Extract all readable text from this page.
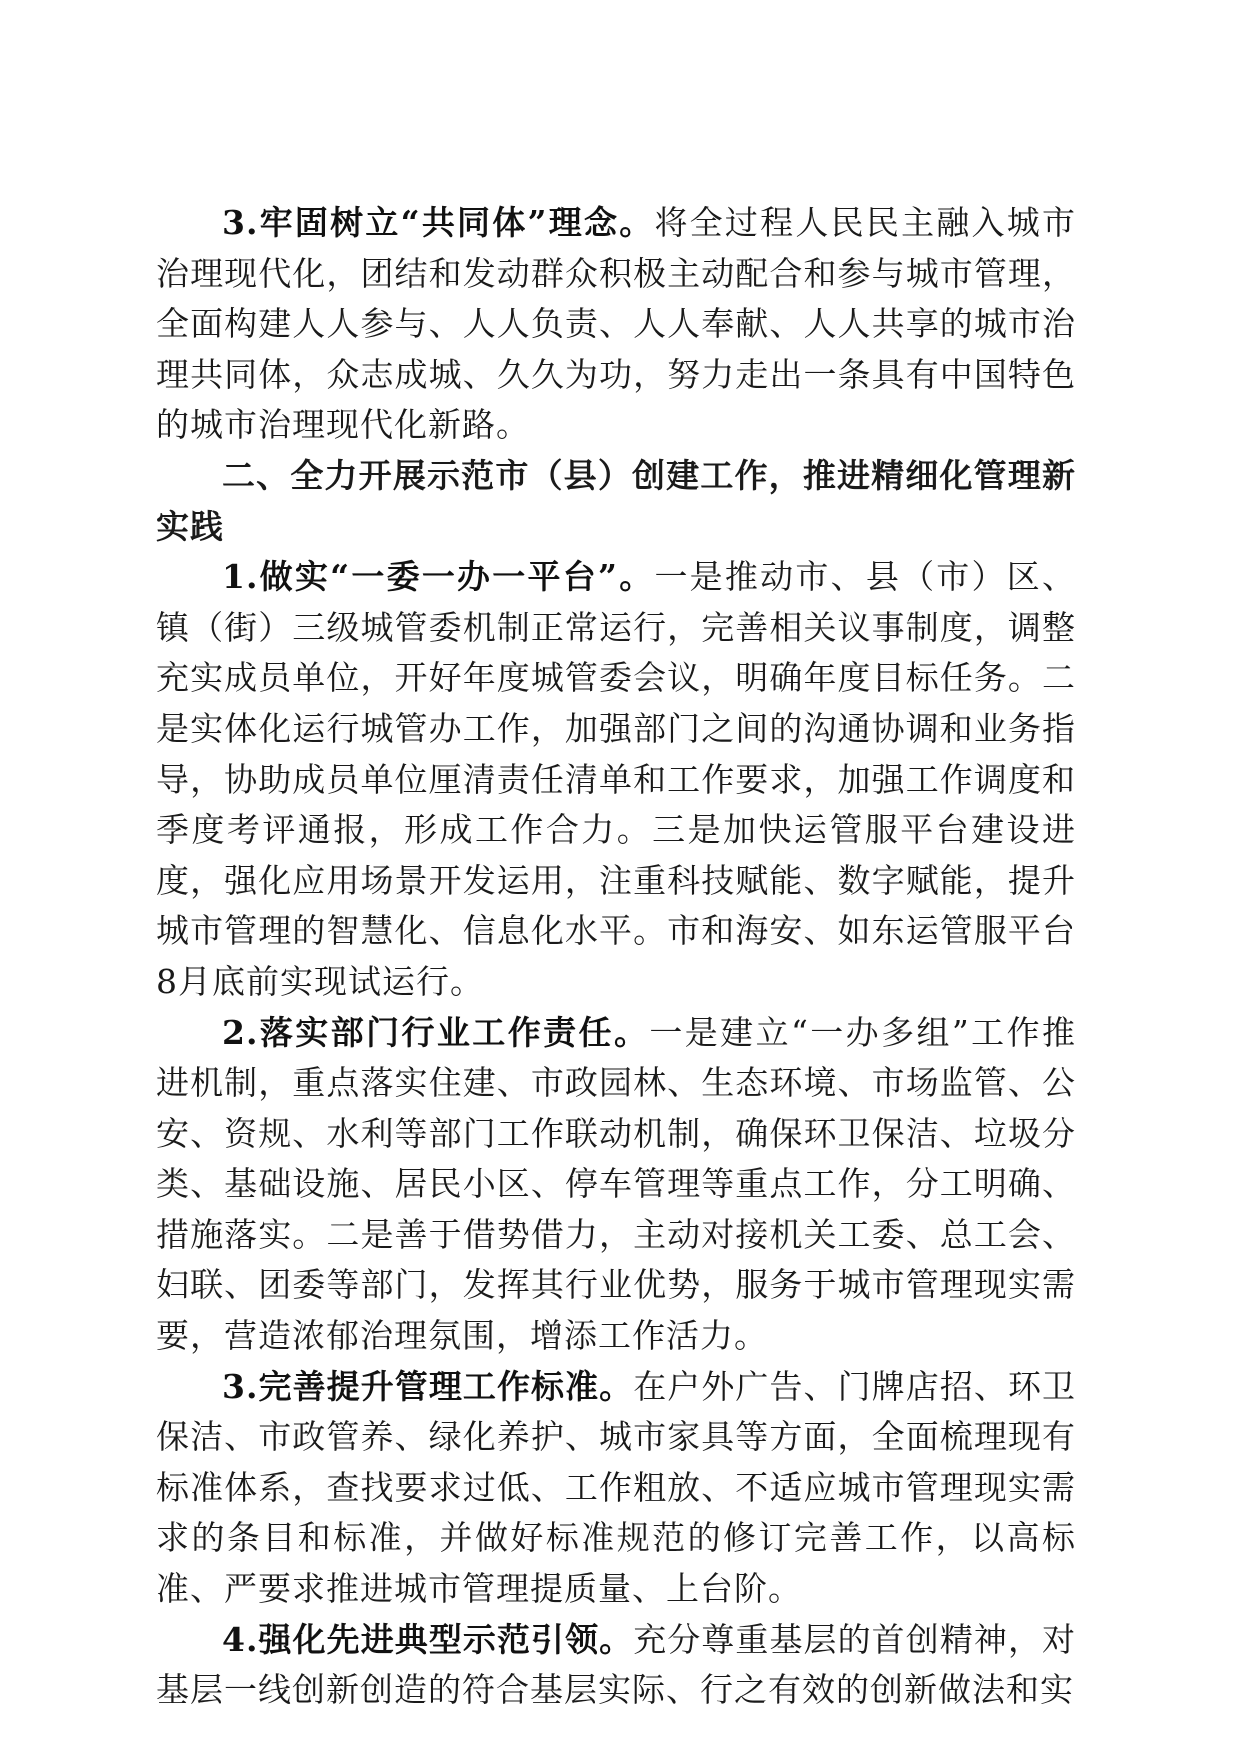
3.牢固树立“共同体”理念。将全过程人民民主融入城市治理现代化，团结和发动群众积极主动配合和参与城市管理，全面构建人人参与、人人负责、人人奉献、人人共享的城市治理共同体，众志成城、久久为功，努力走出一条具有中国特色的城市治理现代化新路。

二、全力开展示范市（县）创建工作，推进精细化管理新实践

1.做实“一委一办一平台”。一是推动市、县（市）区、镇（街）三级城管委机制正常运行，完善相关议事制度，调整充实成员单位，开好年度城管委会议，明确年度目标任务。二是实体化运行城管办工作，加强部门之间的沟通协调和业务指导，协助成员单位厘清责任清单和工作要求，加强工作调度和季度考评通报，形成工作合力。三是加快运管服平台建设进度，强化应用场景开发运用，注重科技赋能、数字赋能，提升城市管理的智慧化、信息化水平。市和海安、如东运管服平台8月底前实现试运行。

2.落实部门行业工作责任。一是建立“一办多组”工作推进机制，重点落实住建、市政园林、生态环境、市场监管、公安、资规、水利等部门工作联动机制，确保环卫保洁、垃圾分类、基础设施、居民小区、停车管理等重点工作，分工明确、措施落实。二是善于借势借力，主动对接机关工委、总工会、妇联、团委等部门，发挥其行业优势，服务于城市管理现实需要，营造浓郁治理氛围，增添工作活力。

3.完善提升管理工作标准。在户外广告、门牌店招、环卫保洁、市政管养、绿化养护、城市家具等方面，全面梳理现有标准体系，查找要求过低、工作粗放、不适应城市管理现实需求的条目和标准，并做好标准规范的修订完善工作，以高标准、严要求推进城市管理提质量、上台阶。

4.强化先进典型示范引领。充分尊重基层的首创精神，对基层一线创新创造的符合基层实际、行之有效的创新做法和实
